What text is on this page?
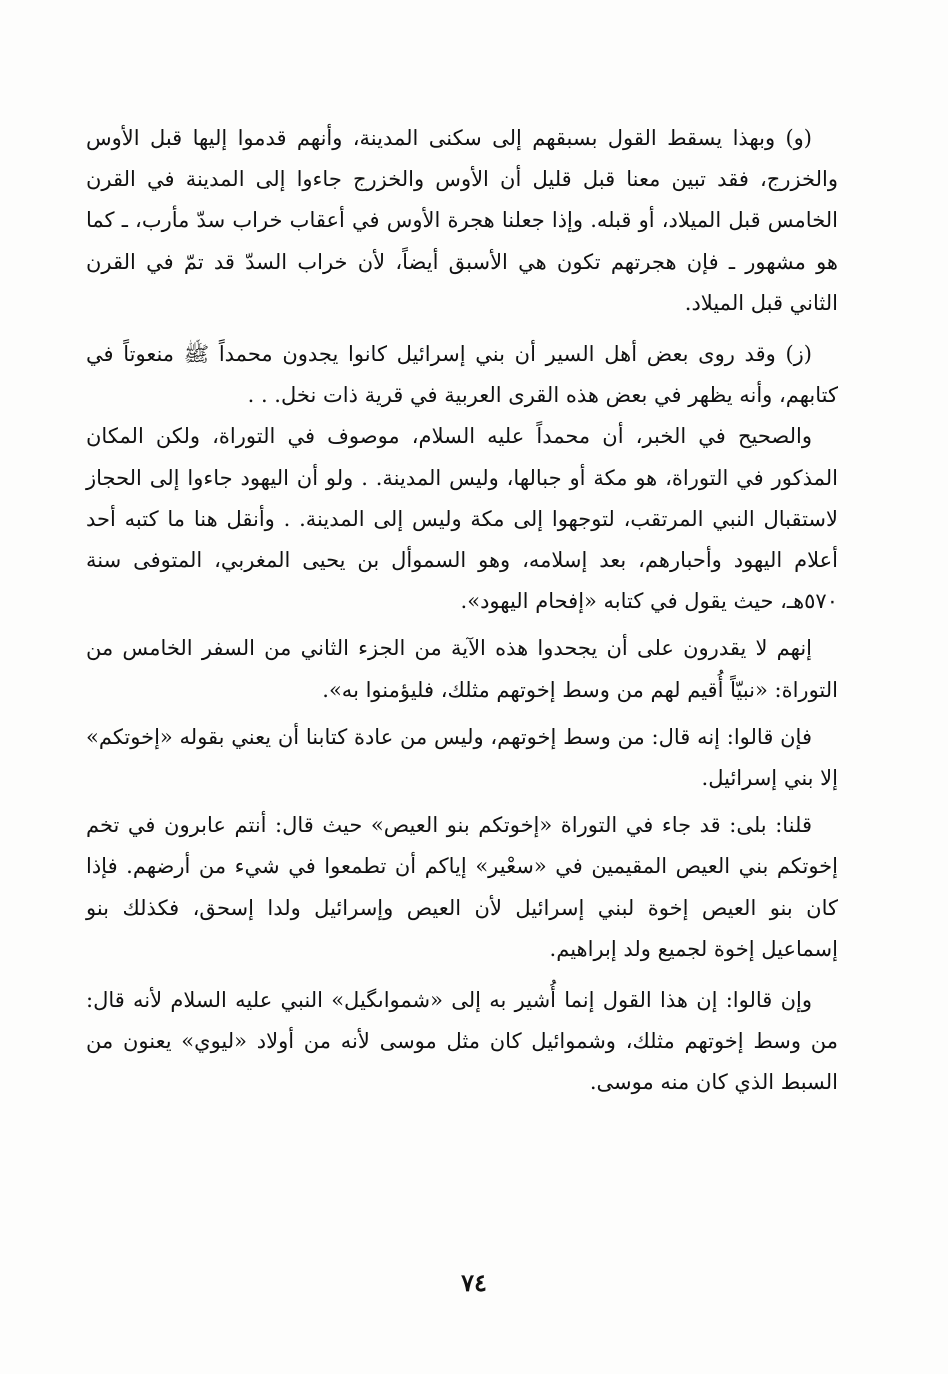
(و) وبهذا يسقط القول بسبقهم إلى سكنى المدينة، وأنهم قدموا إليها قبل الأوس والخزرج، فقد تبين معنا قبل قليل أن الأوس والخزرج جاءوا إلى المدينة في القرن الخامس قبل الميلاد، أو قبله. وإذا جعلنا هجرة الأوس في أعقاب خراب سدّ مأرب، ـ كما هو مشهور ـ فإن هجرتهم تكون هي الأسبق أيضاً، لأن خراب السدّ قد تمّ في القرن الثاني قبل الميلاد.

(ز) وقد روى بعض أهل السير أن بني إسرائيل كانوا يجدون محمداً ﷺ منعوتاً في كتابهم، وأنه يظهر في بعض هذه القرى العربية في قرية ذات نخل. . .

والصحيح في الخبر، أن محمداً عليه السلام، موصوف في التوراة، ولكن المكان المذكور في التوراة، هو مكة أو جبالها، وليس المدينة. . ولو أن اليهود جاءوا إلى الحجاز لاستقبال النبي المرتقب، لتوجهوا إلى مكة وليس إلى المدينة. . وأنقل هنا ما كتبه أحد أعلام اليهود وأحبارهم، بعد إسلامه، وهو السموأل بن يحيى المغربي، المتوفى سنة ٥٧٠هـ، حيث يقول في كتابه «إفحام اليهود».

إنهم لا يقدرون على أن يجحدوا هذه الآية من الجزء الثاني من السفر الخامس من التوراة: «نبيّاً أُقيم لهم من وسط إخوتهم مثلك، فليؤمنوا به».

فإن قالوا: إنه قال: من وسط إخوتهم، وليس من عادة كتابنا أن يعني بقوله «إخوتكم» إلا بني إسرائيل.

قلنا: بلى: قد جاء في التوراة «إخوتكم بنو العيص» حيث قال: أنتم عابرون في تخم إخوتكم بني العيص المقيمين في «سعْير» إياكم أن تطمعوا في شيء من أرضهم. فإذا كان بنو العيص إخوة لبني إسرائيل لأن العيص وإسرائيل ولدا إسحق، فكذلك بنو إسماعيل إخوة لجميع ولد إبراهيم.

وإن قالوا: إن هذا القول إنما أُشير به إلى «شمواىگيل» النبي عليه السلام لأنه قال: من وسط إخوتهم مثلك، وشموائيل كان مثل موسى لأنه من أولاد «ليوي» يعنون من السبط الذي كان منه موسى.

٧٤
